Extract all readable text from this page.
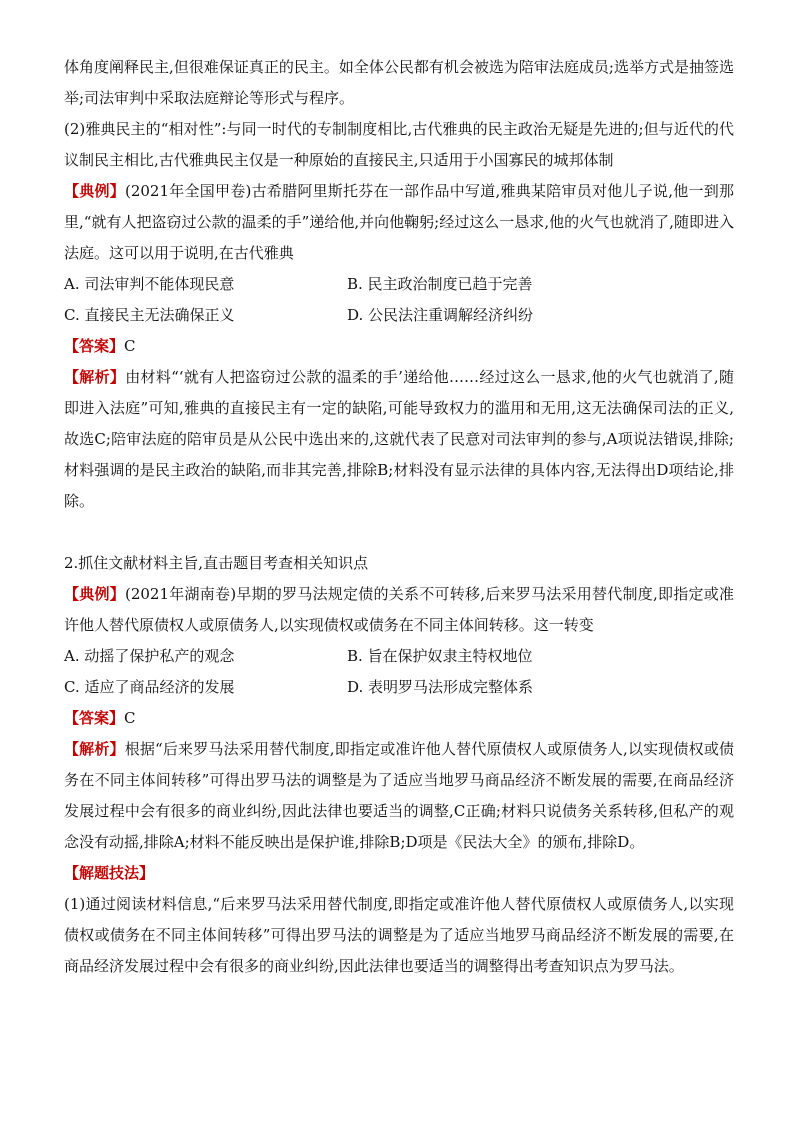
体角度阐释民主,但很难保证真正的民主。如全体公民都有机会被选为陪审法庭成员;选举方式是抽签选举;司法审判中采取法庭辩论等形式与程序。

(2)雅典民主的“相对性”:与同一时代的专制制度相比,古代雅典的民主政治无疑是先进的;但与近代的代议制民主相比,古代雅典民主仅是一种原始的直接民主,只适用于小国寡民的城邦体制

【典例】(2021年全国甲卷)古希腊阿里斯托芬在一部作品中写道,雅典某陪审员对他儿子说,他一到那里,“就有人把盗窃过公款的温柔的手”递给他,并向他鞠躬;经过这么一恳求,他的火气也就消了,随即进入法庭。这可以用于说明,在古代雅典

A. 司法审判不能体现民意	B. 民主政治制度已趋于完善
C. 直接民主无法确保正义	D. 公民法注重调解经济纠纷

【答案】C

【解析】由材料“‘就有人把盗窃过公款的温柔的手’递给他……经过这么一恳求,他的火气也就消了,随即进入法庭”可知,雅典的直接民主有一定的缺陷,可能导致权力的滥用和无用,这无法确保司法的正义,故选C;陪审法庭的陪审员是从公民中选出来的,这就代表了民意对司法审判的参与,A项说法错误,排除;材料强调的是民主政治的缺陷,而非其完善,排除B;材料没有显示法律的具体内容,无法得出D项结论,排除。

2.抓住文献材料主旨,直击题目考查相关知识点

【典例】(2021年湖南卷)早期的罗马法规定债的关系不可转移,后来罗马法采用替代制度,即指定或准许他人替代原债权人或原债务人,以实现债权或债务在不同主体间转移。这一转变

A. 动摇了保护私产的观念	B. 旨在保护奴隶主特权地位
C. 适应了商品经济的发展	D. 表明罗马法形成完整体系

【答案】C

【解析】根据“后来罗马法采用替代制度,即指定或准许他人替代原债权人或原债务人,以实现债权或债务在不同主体间转移”可得出罗马法的调整是为了适应当地罗马商品经济不断发展的需要,在商品经济发展过程中会有很多的商业纠纷,因此法律也要适当的调整,C正确;材料只说债务关系转移,但私产的观念没有动摇,排除A;材料不能反映出是保护谁,排除B;D项是《民法大全》的颁布,排除D。

【解题技法】

(1)通过阅读材料信息,“后来罗马法采用替代制度,即指定或准许他人替代原债权人或原债务人,以实现债权或债务在不同主体间转移”可得出罗马法的调整是为了适应当地罗马商品经济不断发展的需要,在商品经济发展过程中会有很多的商业纠纷,因此法律也要适当的调整得出考查知识点为罗马法。
